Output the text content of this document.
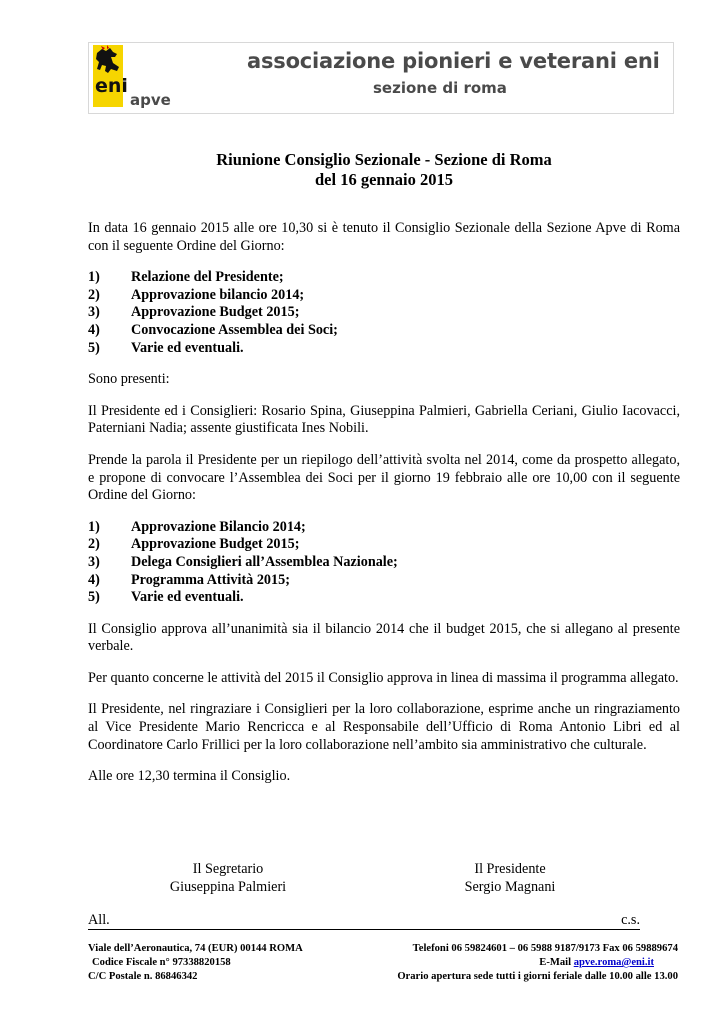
eni
apve
associazione pionieri e veterani eni
sezione di roma
Riunione Consiglio Sezionale - Sezione di Roma
del 16 gennaio 2015

In data 16 gennaio 2015 alle ore 10,30 si è tenuto il Consiglio Sezionale della Sezione Apve di Roma con il seguente Ordine del Giorno:

1)	Relazione del Presidente;
2)	Approvazione bilancio 2014;
3)	Approvazione Budget 2015;
4)	Convocazione Assemblea dei Soci;
5)	Varie ed eventuali.

Sono presenti:

Il Presidente ed i Consiglieri: Rosario Spina, Giuseppina Palmieri, Gabriella Ceriani, Giulio Iacovacci, Paterniani Nadia; assente giustificata Ines Nobili.

Prende la parola il Presidente per un riepilogo dell’attività svolta nel 2014, come da prospetto allegato, e propone di convocare l’Assemblea dei Soci per il giorno 19 febbraio alle ore 10,00 con il seguente Ordine del Giorno:

1)	Approvazione Bilancio 2014;
2)	Approvazione Budget 2015;
3)	Delega Consiglieri all’Assemblea Nazionale;
4)	Programma Attività 2015;
5)	Varie ed eventuali.

Il Consiglio approva all’unanimità sia il bilancio 2014 che il budget 2015, che si allegano al presente verbale.

Per quanto concerne le attività del 2015 il Consiglio approva in linea di massima il programma allegato.

Il Presidente, nel ringraziare i Consiglieri per la loro collaborazione, esprime anche un ringraziamento al Vice Presidente Mario Rencricca e al Responsabile dell’Ufficio di Roma Antonio Libri ed al Coordinatore Carlo Frillici per la loro collaborazione nell’ambito sia amministrativo che culturale.

Alle ore 12,30 termina il Consiglio.

Il Segretario
Giuseppina Palmieri
Il Presidente
Sergio Magnani
All.	c.s.
Viale dell’Aeronautica, 74 (EUR) 00144 ROMA	Telefoni 06 59824601 – 06 5988 9187/9173 Fax 06 59889674
Codice Fiscale n° 97338820158	E-Mail apve.roma@eni.it
C/C Postale n. 86846342	Orario apertura sede tutti i giorni feriale dalle 10.00 alle 13.00
